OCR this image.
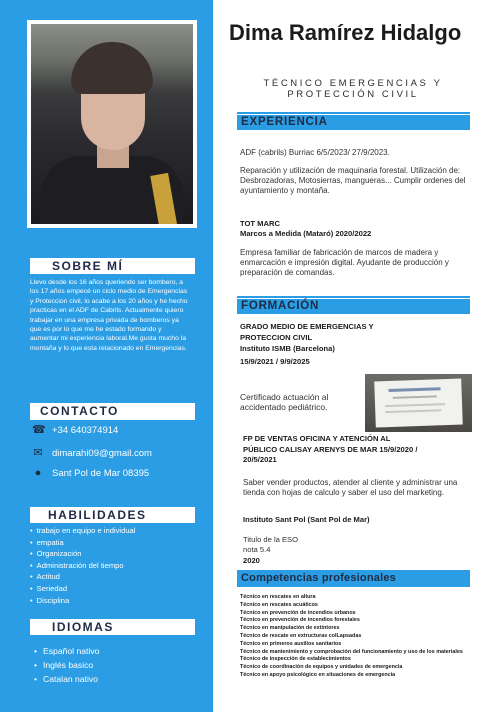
SOBRE MÍ
Llevo desde los 16 años queriendo ser bombero, a los 17 años empecé un ciclo medio de Emergencias y Proteccion civil, lo acabe a los 20 años y he hecho practicas en el ADF de Cabrils. Actualmente quiero trabajar en una empresa privada de bomberos ya que es por lo que me he estado formando y aumentar mi experiencia laboral.Me gusta mucho la montaña y lo que esta relacionado en Emergencias.
CONTACTO
☎ +34 640374914
✉ dimarahi09@gmail.com
● Sant Pol de Mar 08395
HABILIDADES
• trabajo en equipo e individual
• empatia
• Organización
• Administración del tiempo
• Actitud
• Seriedad
• Disciplina
IDIOMAS
• Español nativo
• Inglés basico
• Catalan nativo
Dima Ramírez Hidalgo
TÉCNICO EMERGENCIAS Y PROTECCIÓN CIVIL
EXPERIENCIA
ADF (cabrils) Burriac 6/5/2023/ 27/9/2023.
Reparación y utilización de maquinaria forestal. Utilización de: Desbrozadoras, Motosierras, mangueras... Cumplir ordenes del ayuntamiento y montaña.
TOT MARC
Marcos a Medida (Mataró) 2020/2022
Empresa familiar de fabricación de marcos de madera y enmarcación e impresión digital. Ayudante de producción y preparación de comandas.
FORMACIÓN
GRADO MEDIO DE EMERGENCIAS Y PROTECCION CIVIL
Instituto ISMB (Barcelona)
15/9/2021 / 9/9/2025
Certificado actuación al accidentado pediátrico.
FP DE VENTAS OFICINA Y ATENCIÓN AL PÚBLICO CALISAY ARENYS DE MAR 15/9/2020 / 20/5/2021
Saber vender productos, atender al cliente y administrar una tienda con hojas de calculo y saber el uso del marketing.
Instituto Sant Pol (Sant Pol de Mar)
Titulo de la ESO
nota 5.4
2020
Competencias profesionales
Técnico en rescates en altura
Técnico en rescates acuáticos
Técnico en prevención de incendios urbanos
Técnico en prevención de incendios forestales
Técnico en manipulación de extintores
Técnico de rescate en extructuras colLapsadas
Técnico en primeros auxilios sanitarios
Técnico de mantenimiento y comprobación del funcionamiento y uso de los materiales
Técnico de inspección de establecimientos
Técnico de coordinación de equipos y unidades de emergencia
Técnico en apoyo psicológico en situaciones de emergencia
